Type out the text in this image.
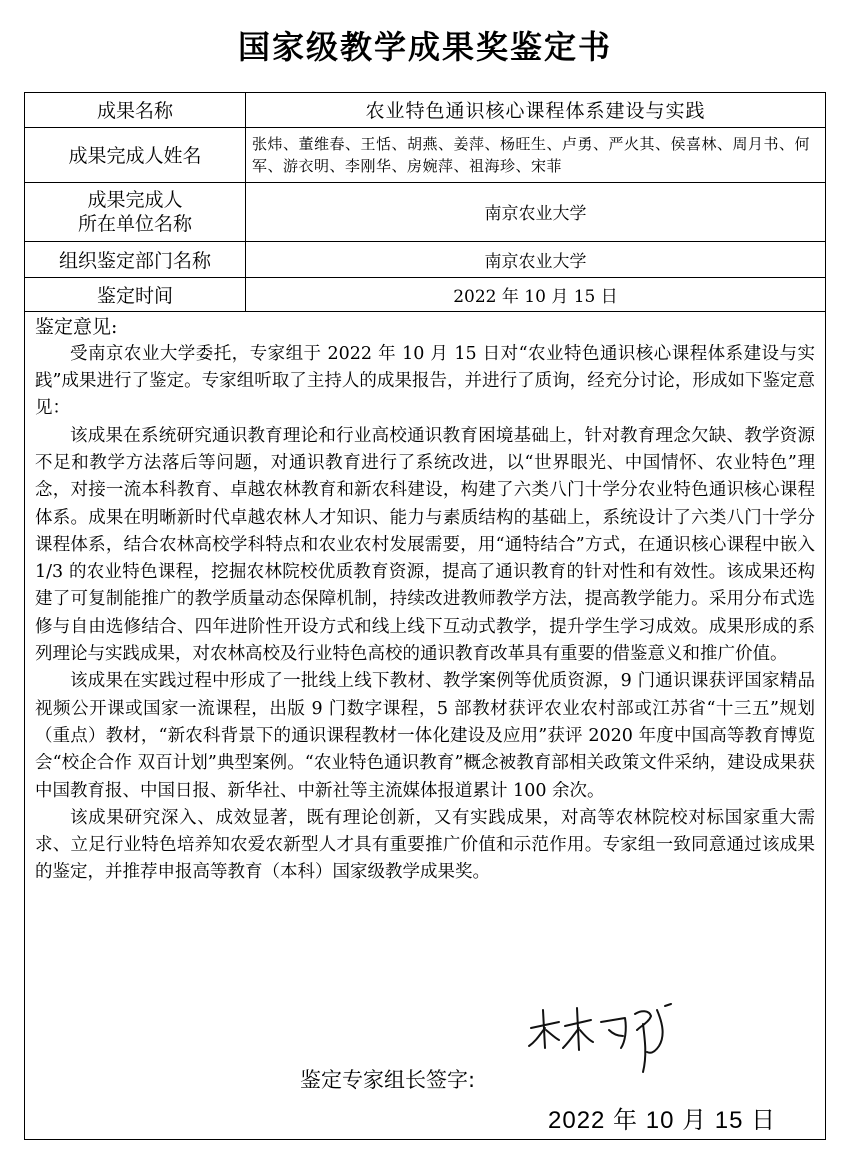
国家级教学成果奖鉴定书
成果名称	农业特色通识核心课程体系建设与实践
成果完成人姓名	张炜、董维春、王恬、胡燕、姜萍、杨旺生、卢勇、严火其、侯喜林、周月书、何军、游衣明、李刚华、房婉萍、祖海珍、宋菲

成果完成人
所在单位名称	南京农业大学
组织鉴定部门名称	南京农业大学
鉴定时间	2022 年 10 月 15 日
鉴定意见:

受南京农业大学委托，专家组于 2022 年 10 月 15 日对“农业特色通识核心课程体系建设与实践”成果进行了鉴定。专家组听取了主持人的成果报告，并进行了质询，经充分讨论，形成如下鉴定意见：

该成果在系统研究通识教育理论和行业高校通识教育困境基础上，针对教育理念欠缺、教学资源不足和教学方法落后等问题，对通识教育进行了系统改进，以“世界眼光、中国情怀、农业特色”理念，对接一流本科教育、卓越农林教育和新农科建设，构建了六类八门十学分农业特色通识核心课程体系。成果在明晰新时代卓越农林人才知识、能力与素质结构的基础上，系统设计了六类八门十学分课程体系，结合农林高校学科特点和农业农村发展需要，用“通特结合”方式，在通识核心课程中嵌入 1/3 的农业特色课程，挖掘农林院校优质教育资源，提高了通识教育的针对性和有效性。该成果还构建了可复制能推广的教学质量动态保障机制，持续改进教师教学方法，提高教学能力。采用分布式选修与自由选修结合、四年进阶性开设方式和线上线下互动式教学，提升学生学习成效。成果形成的系列理论与实践成果，对农林高校及行业特色高校的通识教育改革具有重要的借鉴意义和推广价值。

该成果在实践过程中形成了一批线上线下教材、教学案例等优质资源，9 门通识课获评国家精品视频公开课或国家一流课程，出版 9 门数字课程，5 部教材获评农业农村部或江苏省“十三五”规划（重点）教材，“新农科背景下的通识课程教材一体化建设及应用”获评 2020 年度中国高等教育博览会“校企合作 双百计划”典型案例。“农业特色通识教育”概念被教育部相关政策文件采纳，建设成果获中国教育报、中国日报、新华社、中新社等主流媒体报道累计 100 余次。

该成果研究深入、成效显著，既有理论创新，又有实践成果，对高等农林院校对标国家重大需求、立足行业特色培养知农爱农新型人才具有重要推广价值和示范作用。专家组一致同意通过该成果的鉴定，并推荐申报高等教育（本科）国家级教学成果奖。

鉴定专家组长签字:
2022 年 10 月 15 日
